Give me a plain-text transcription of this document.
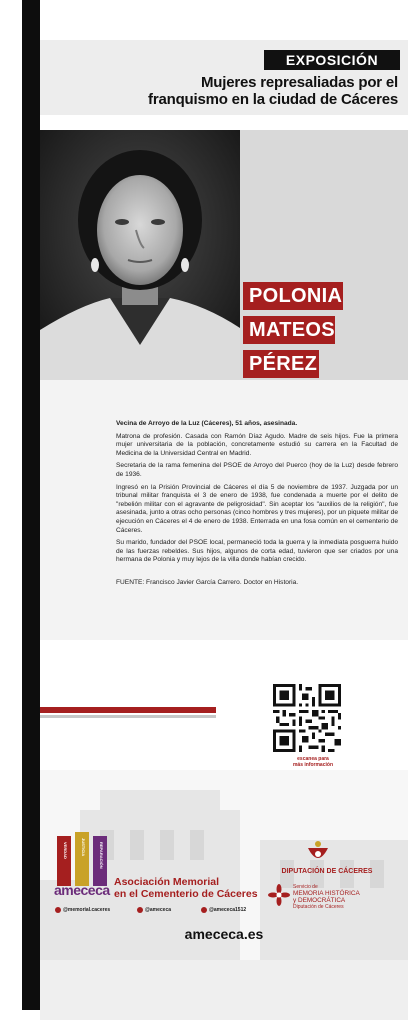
EXPOSICIÓN
Mujeres represaliadas por el
franquismo en la ciudad de Cáceres
POLONIA
MATEOS
PÉREZ

Vecina de Arroyo de la Luz (Cáceres), 51 años, asesinada.

Matrona de profesión. Casada con Ramón Díaz Agudo. Madre de seis hijos. Fue la primera mujer universitaria de la población, concretamente estudió su carrera en la Facultad de Medicina de la Universidad Central en Madrid.

Secretaria de la rama femenina del PSOE de Arroyo del Puerco (hoy de la Luz) desde febrero de 1936.

Ingresó en la Prisión Provincial de Cáceres el día 5 de noviembre de 1937. Juzgada por un tribunal militar franquista el 3 de enero de 1938, fue condenada a muerte por el delito de "rebelión militar con el agravante de peligrosidad". Sin aceptar los "auxilios de la religión", fue asesinada, junto a otras ocho personas (cinco hombres y tres mujeres), por un piquete militar de ejecución en Cáceres el 4 de enero de 1938. Enterrada en una fosa común en el cementerio de Cáceres.

Su marido, fundador del PSOE local, permaneció toda la guerra y la inmediata posguerra huido de las fuerzas rebeldes. Sus hijos, algunos de corta edad, tuvieron que ser criados por una hermana de Polonia y muy lejos de la villa donde habían crecido.

FUENTE: Francisco Javier García Carrero. Doctor en Historia.

escanea para
más información
VERDAD	JUSTICIA	REPARACIÓN
amececa Asociación Memorial
en el Cementerio de Cáceres
@memorial.caceres	@amececa	@amececa1512
DIPUTACIÓN DE CÁCERES
Servicio de
MEMORIA HISTÓRICA
y DEMOCRÁTICA
Diputación de Cáceres
amececa.es
